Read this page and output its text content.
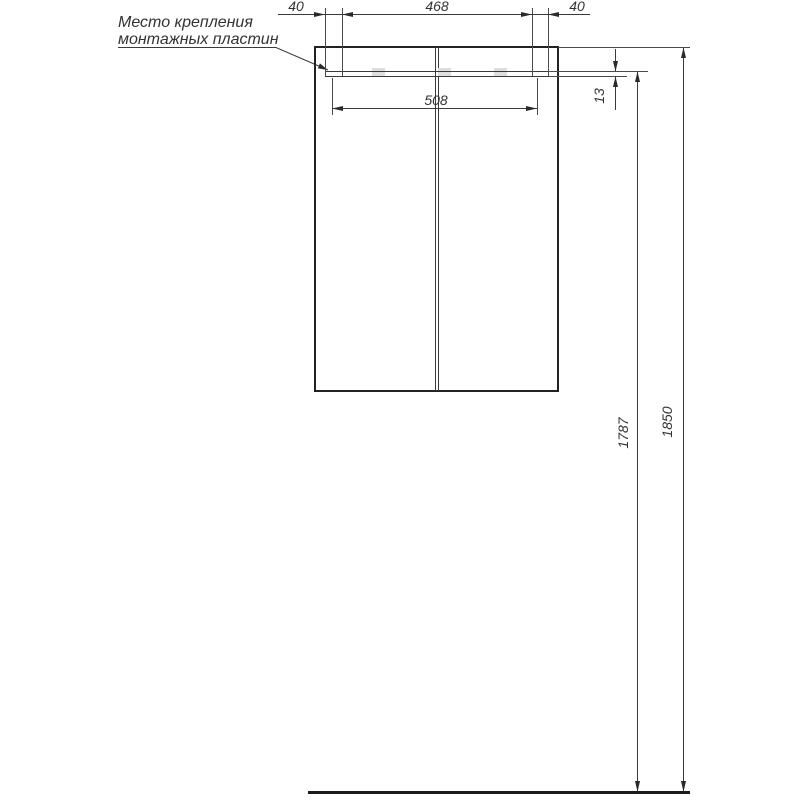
Место крепления
монтажных пластин
40	468	40
508	13
1787 1850
